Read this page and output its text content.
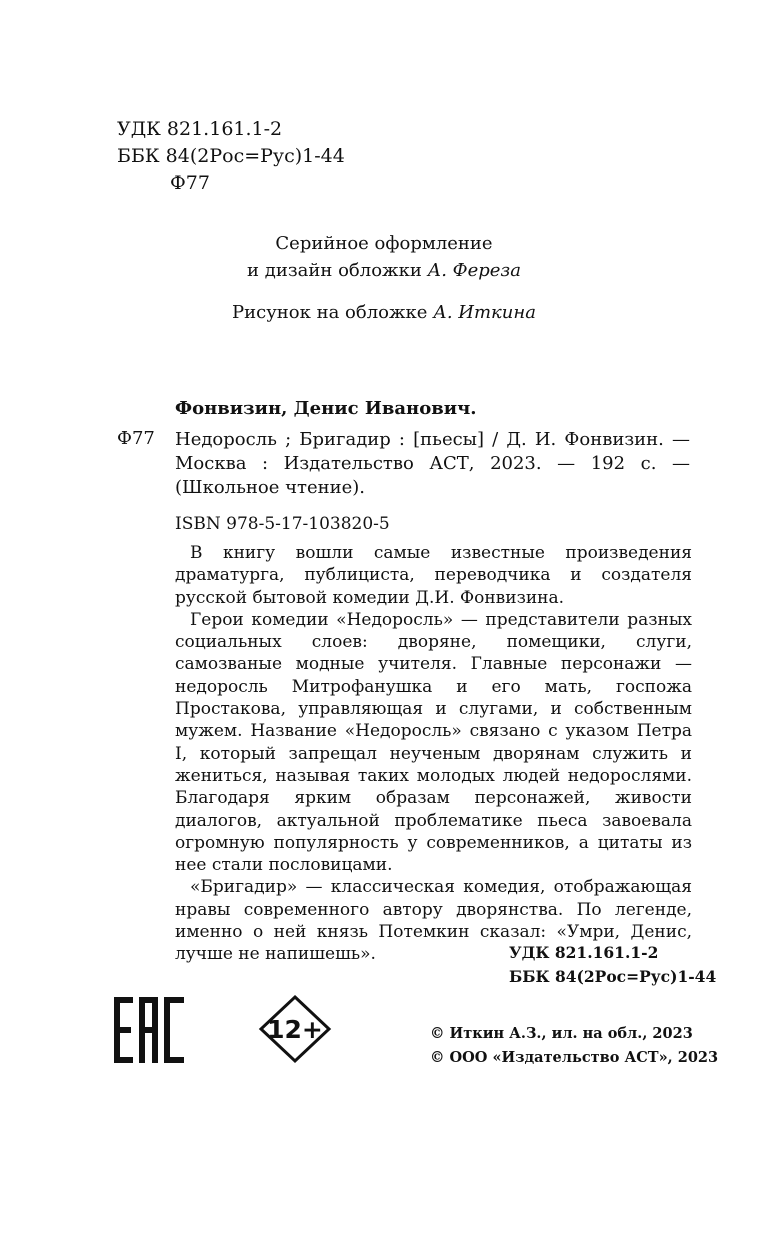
УДК 821.161.1-2
ББК 84(2Рос=Рус)1-44
Ф77
Серийное оформление
и дизайн обложки А. Фереза
Рисунок на обложке А. Иткина
Фонвизин, Денис Иванович.
Ф77 Недоросль ; Бригадир : [пьесы] / Д. И. Фонвизин. — Москва : Издательство АСТ, 2023. — 192 с. — (Школьное чтение).
ISBN 978-5-17-103820-5

В книгу вошли самые известные произведения драматурга, публициста, переводчика и создателя русской бытовой комедии Д.И. Фонвизина.

Герои комедии «Недоросль» — представители разных социальных слоев: дворяне, помещики, слуги, самозваные модные учителя. Главные персонажи — недоросль Митрофанушка и его мать, госпожа Простакова, управляющая и слугами, и собственным мужем. Название «Недоросль» связано с указом Петра I, который запрещал неученым дворянам служить и жениться, называя таких молодых людей недорослями. Благодаря ярким образам персонажей, живости диалогов, актуальной проблематике пьеса завоевала огромную популярность у современников, а цитаты из нее стали пословицами.

«Бригадир» — классическая комедия, отображающая нравы современного автору дворянства. По легенде, именно о ней князь Потемкин сказал: «Умри, Денис, лучше не напишешь».	УДК 821.161.1-2
ББК 84(2Рос=Рус)1-44
12+	© Иткин А.З., ил. на обл., 2023
© ООО «Издательство АСТ», 2023
